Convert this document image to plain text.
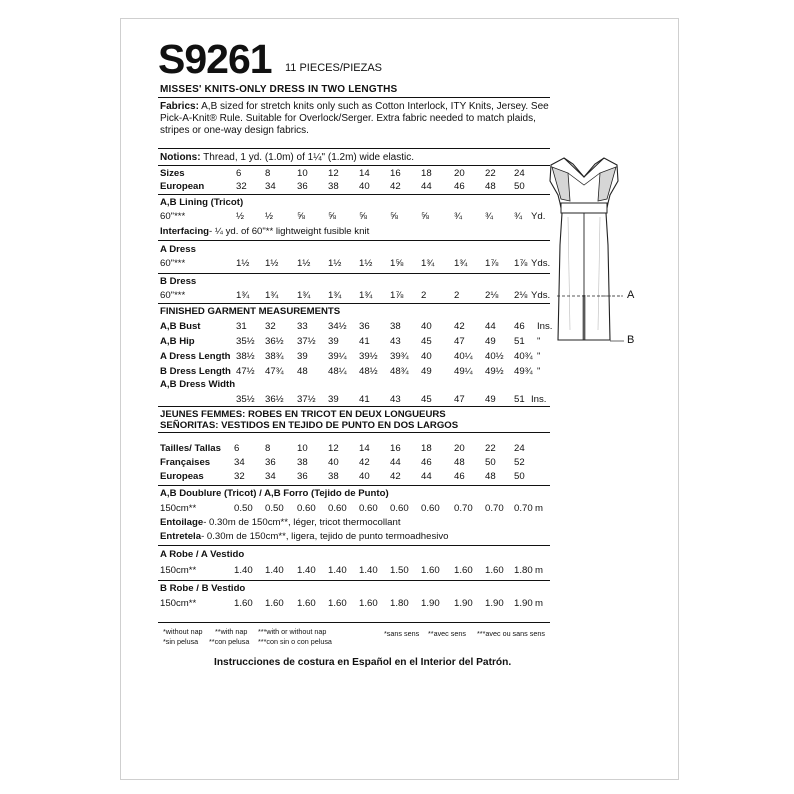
S9261 11 PIECES/PIEZAS
MISSES' KNITS-ONLY DRESS IN TWO LENGTHS
Fabrics: A,B sized for stretch knits only such as Cotton Interlock, ITY Knits, Jersey. See Pick-A-Knit® Rule. Suitable for Overlock/Serger. Extra fabric needed to match plaids, stripes or one-way design fabrics.
Notions: Thread, 1 yd. (1.0m) of 1¼" (1.2m) wide elastic.
Sizes	6 8	10 12 14 16 18 20 22 24
European	32 34 36 38 40 42 44 46 48 50
A,B Lining (Tricot)
60"***	½ ½ ⅝ ⅝ ⅝ ⅝ ⅝	¾ ¾ ¾ Yd.
Interfacing- ¼ yd. of 60"** lightweight fusible knit
A Dress
60"***	1½ 1½ 1½ 1½ 1½ 1⅝ 1¾ 1¾ 1⅞ 1⅞ Yds.
B Dress
60"***	1¾ 1¾ 1¾ 1¾ 1¾ 1⅞ 2	2	2⅛ 2⅛ Yds.
FINISHED GARMENT MEASUREMENTS
A,B Bust	31 32 33 34½ 36 38 40 42 44 46 Ins.
A,B Hip	35½ 36½ 37½ 39 41 43 45 47 49 51 "
A Dress Length 38½ 38¾ 39 39¼ 39½ 39¾ 40 40¼ 40½ 40¾ "
B Dress Length 47½ 47¾ 48 48¼ 48½ 48¾ 49 49¼ 49½ 49¾ "
A,B Dress Width
35½ 36½ 37½ 39 41 43 45 47 49 51 Ins.
JEUNES FEMMES: ROBES EN TRICOT EN DEUX LONGUEURS
SEÑORITAS: VESTIDOS EN TEJIDO DE PUNTO EN DOS LARGOS
Tailles/ Tallas 6	8	10 12 14 16 18 20 22 24
Françaises 34 36 38 40 42 44 46 48 50 52
Europeas	32 34 36 38 40 42 44 46 48 50
A,B Doublure (Tricot) / A,B Forro (Tejido de Punto)
150cm**	0.50 0.50 0.60 0.60 0.60 0.60 0.60 0.70 0.70 0.70 m
Entoilage- 0.30m de 150cm**, léger, tricot thermocollant
Entretela- 0.30m de 150cm**, ligera, tejido de punto termoadhesivo
A Robe / A Vestido
150cm**	1.40 1.40 1.40 1.40 1.40 1.50 1.60 1.60 1.60 1.80 m
B Robe / B Vestido
150cm**	1.60 1.60 1.60 1.60 1.60 1.80 1.90 1.90 1.90 1.90 m
*without nap **with nap ***with or without nap
*sin pelusa **con pelusa ***con sin o con pelusa
*sans sens **avec sens ***avec ou sans sens
Instrucciones de costura en Español en el Interior del Patrón.
A
B
